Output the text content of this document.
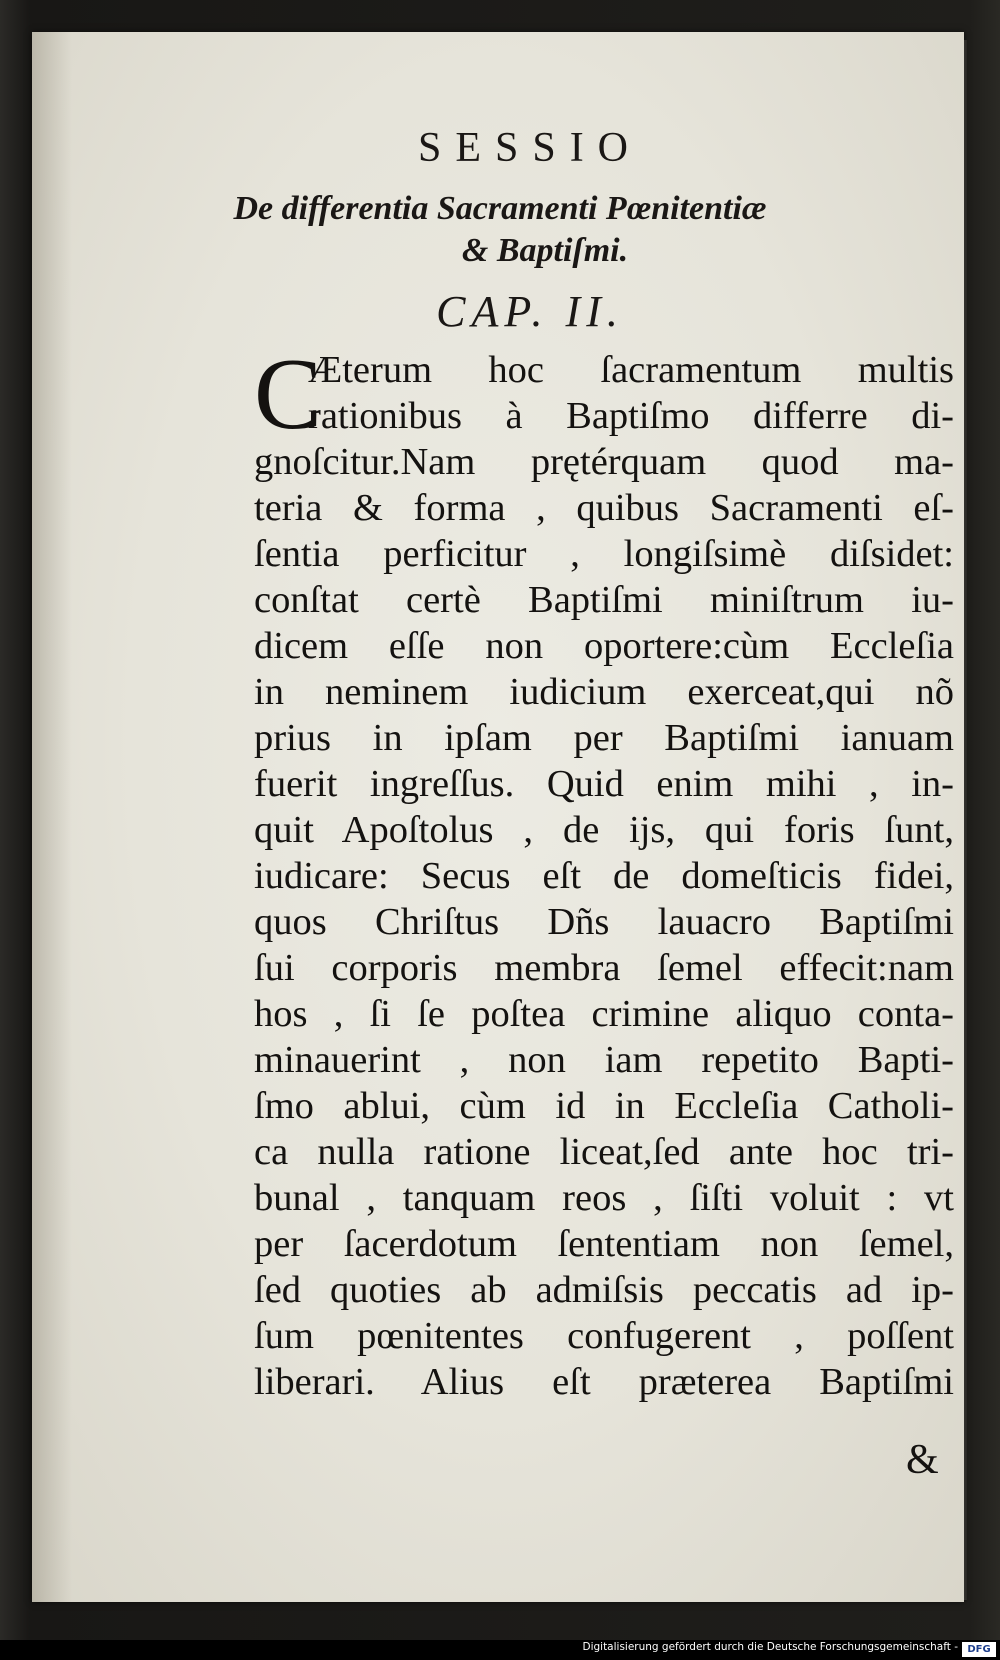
SESSIO
De differentia Sacramenti Pœnitentiæ
& Baptiſmi.
CAP. II.
C
Æterum hoc ſacramentum multis
rationibus à Baptiſmo differre di-
gnoſcitur.Nam prętérquam quod ma-
teria & forma , quibus Sacramenti eſ-
ſentia perficitur , longiſsimè diſsidet:
conſtat certè Baptiſmi miniſtrum iu-
dicem eſſe non oportere:cùm Eccleſia
in neminem iudicium exerceat,qui nõ
prius in ipſam per Baptiſmi ianuam
fuerit ingreſſus. Quid enim mihi , in-
quit Apoſtolus , de ĳs, qui foris ſunt,
iudicare: Secus eſt de domeſticis fidei,
quos Chriſtus Dñs lauacro Baptiſmi
ſui corporis membra ſemel effecit:nam
hos , ſi ſe poſtea crimine aliquo conta-
minauerint , non iam repetito Bapti-
ſmo ablui, cùm id in Eccleſia Catholi-
ca nulla ratione liceat,ſed ante hoc tri-
bunal , tanquam reos , ſiſti voluit : vt
per ſacerdotum ſententiam non ſemel,
ſed quoties ab admiſsis peccatis ad ip-
ſum pœnitentes confugerent , poſſent
liberari. Alius eſt præterea Baptiſmi
&
Digitalisierung gefördert durch die Deutsche Forschungsgemeinschaft - DFG
